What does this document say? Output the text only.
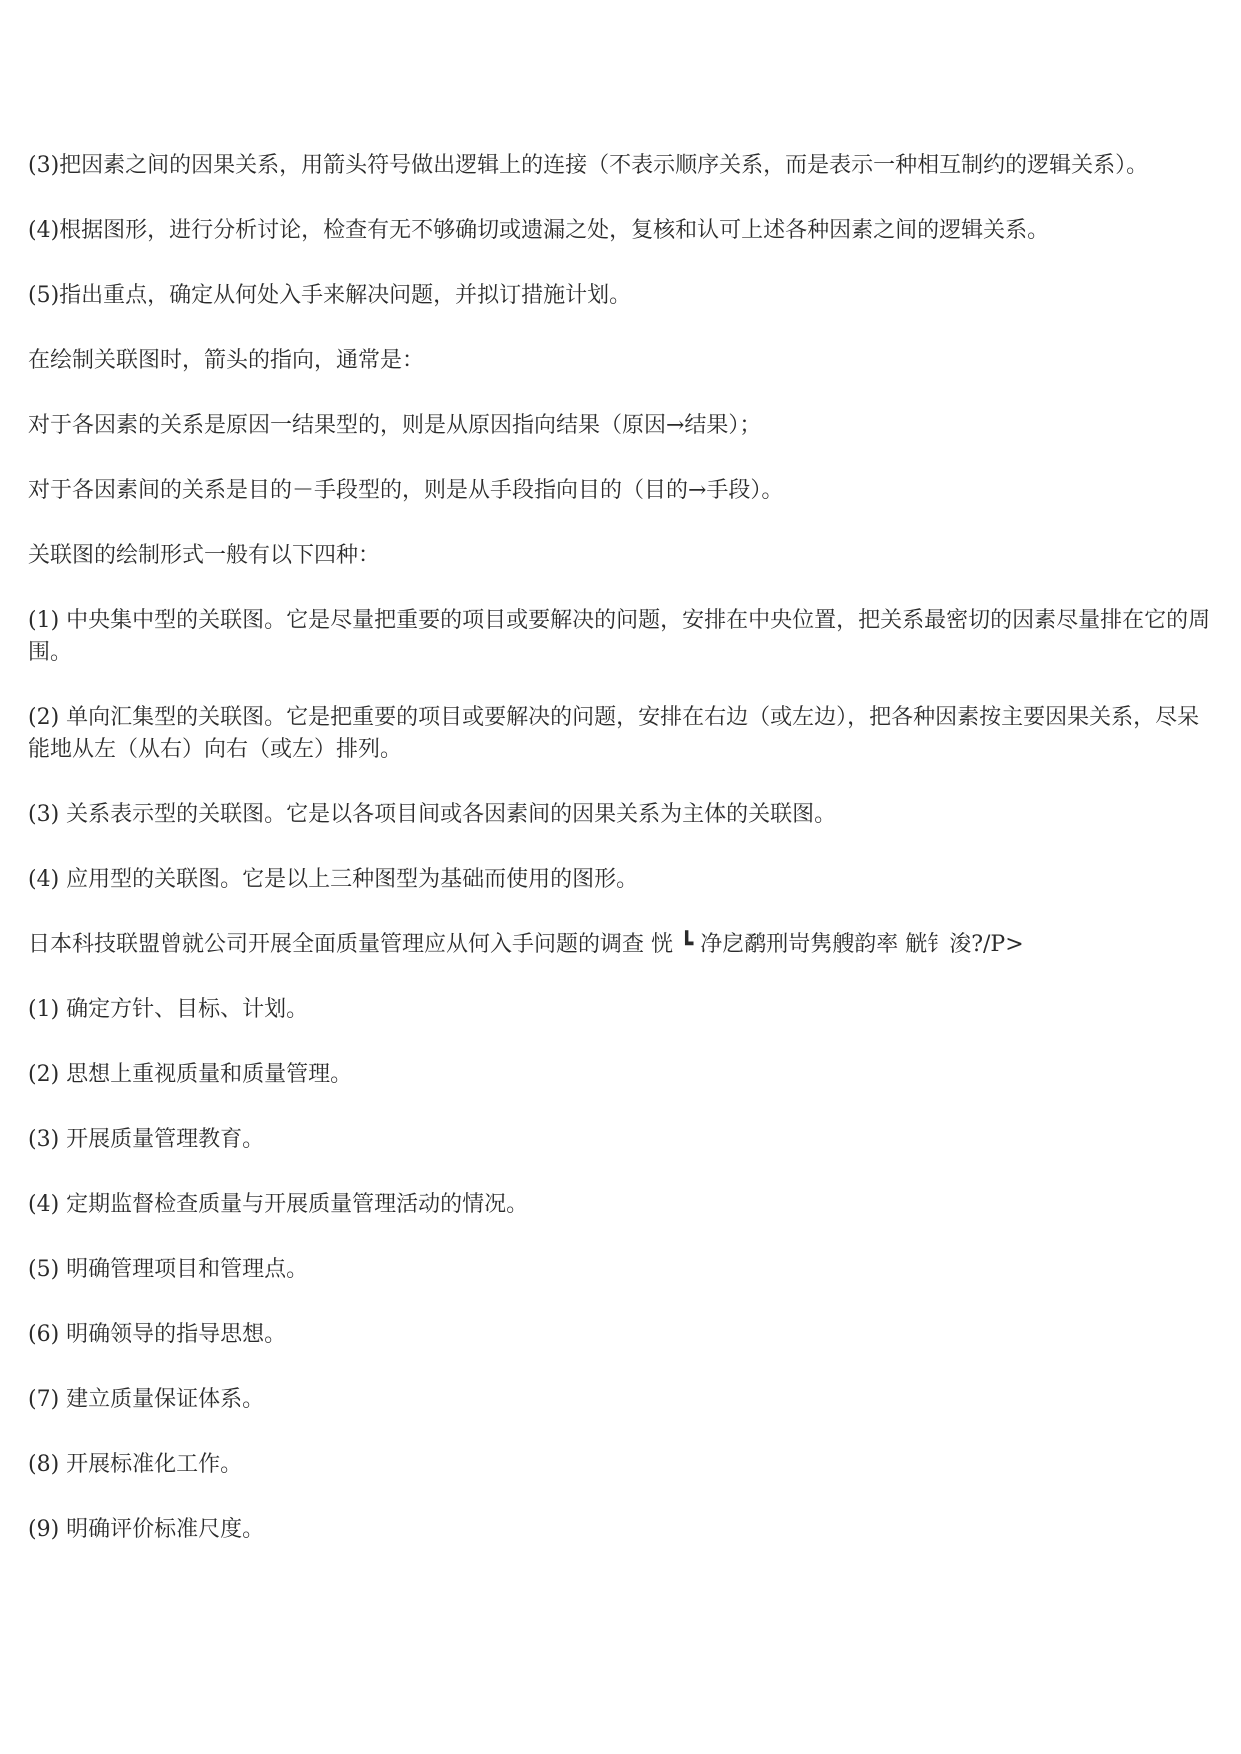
(3)把因素之间的因果关系，用箭头符号做出逻辑上的连接（不表示顺序关系，而是表示一种相互制约的逻辑关系）。

(4)根据图形，进行分析讨论，检查有无不够确切或遗漏之处，复核和认可上述各种因素之间的逻辑关系。

(5)指出重点，确定从何处入手来解决问题，并拟订措施计划。

在绘制关联图时，箭头的指向，通常是：

对于各因素的关系是原因一结果型的，则是从原因指向结果（原因→结果）；

对于各因素间的关系是目的－手段型的，则是从手段指向目的（目的→手段）。

关联图的绘制形式一般有以下四种：

(1) 中央集中型的关联图。它是尽量把重要的项目或要解决的问题，安排在中央位置，把关系最密切的因素尽量排在它的周围。

(2) 单向汇集型的关联图。它是把重要的项目或要解决的问题，安排在右边（或左边），把各种因素按主要因果关系，尽呆能地从左（从右）向右（或左）排列。

(3) 关系表示型的关联图。它是以各项目间或各因素间的因果关系为主体的关联图。

(4) 应用型的关联图。它是以上三种图型为基础而使用的图形。

日本科技联盟曾就公司开展全面质量管理应从何入手问题的调查 恍 ┗ 净戹鹬刑岢隽艘韵率 觥钅浚?/P>

(1) 确定方针、目标、计划。

(2) 思想上重视质量和质量管理。

(3) 开展质量管理教育。

(4) 定期监督检查质量与开展质量管理活动的情况。

(5) 明确管理项目和管理点。

(6) 明确领导的指导思想。

(7) 建立质量保证体系。

(8) 开展标准化工作。

(9) 明确评价标准尺度。
